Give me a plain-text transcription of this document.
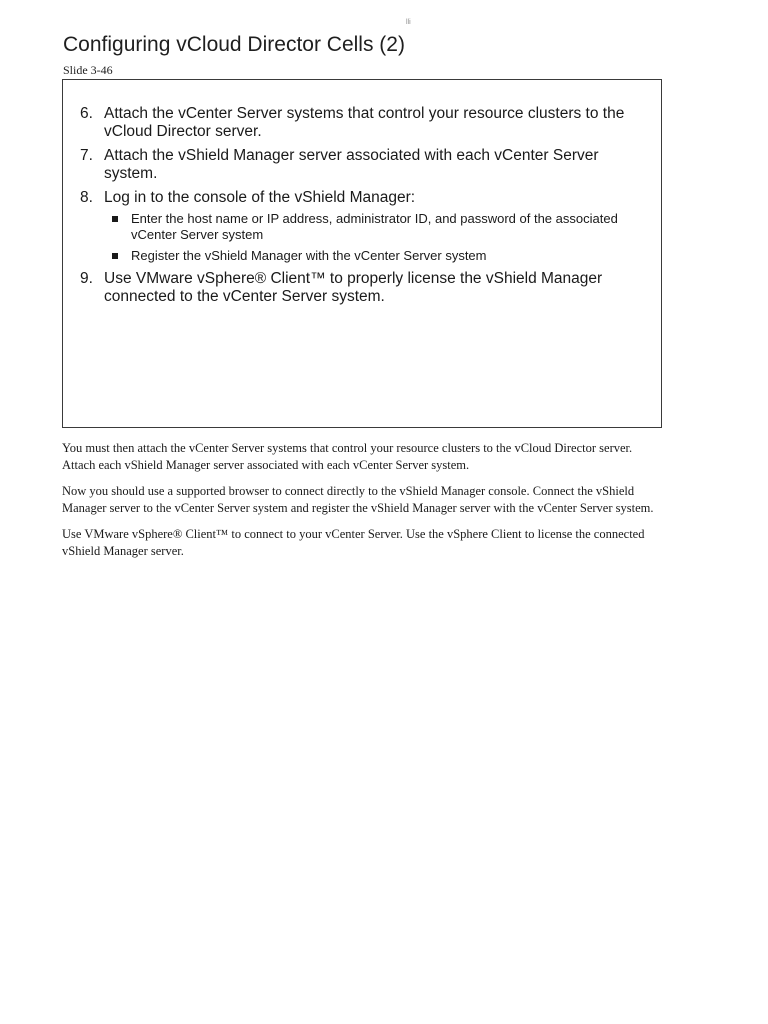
lli
Configuring vCloud Director Cells (2)
Slide 3-46
6. Attach the vCenter Server systems that control your resource clusters to the vCloud Director server.
7. Attach the vShield Manager server associated with each vCenter Server system.
8. Log in to the console of the vShield Manager:
Enter the host name or IP address, administrator ID, and password of the associated vCenter Server system
Register the vShield Manager with the vCenter Server system
9. Use VMware vSphere® Client™ to properly license the vShield Manager connected to the vCenter Server system.

You must then attach the vCenter Server systems that control your resource clusters to the vCloud Director server. Attach each vShield Manager server associated with each vCenter Server system.

Now you should use a supported browser to connect directly to the vShield Manager console. Connect the vShield Manager server to the vCenter Server system and register the vShield Manager server with the vCenter Server system.

Use VMware vSphere® Client™ to connect to your vCenter Server. Use the vSphere Client to license the connected vShield Manager server.
